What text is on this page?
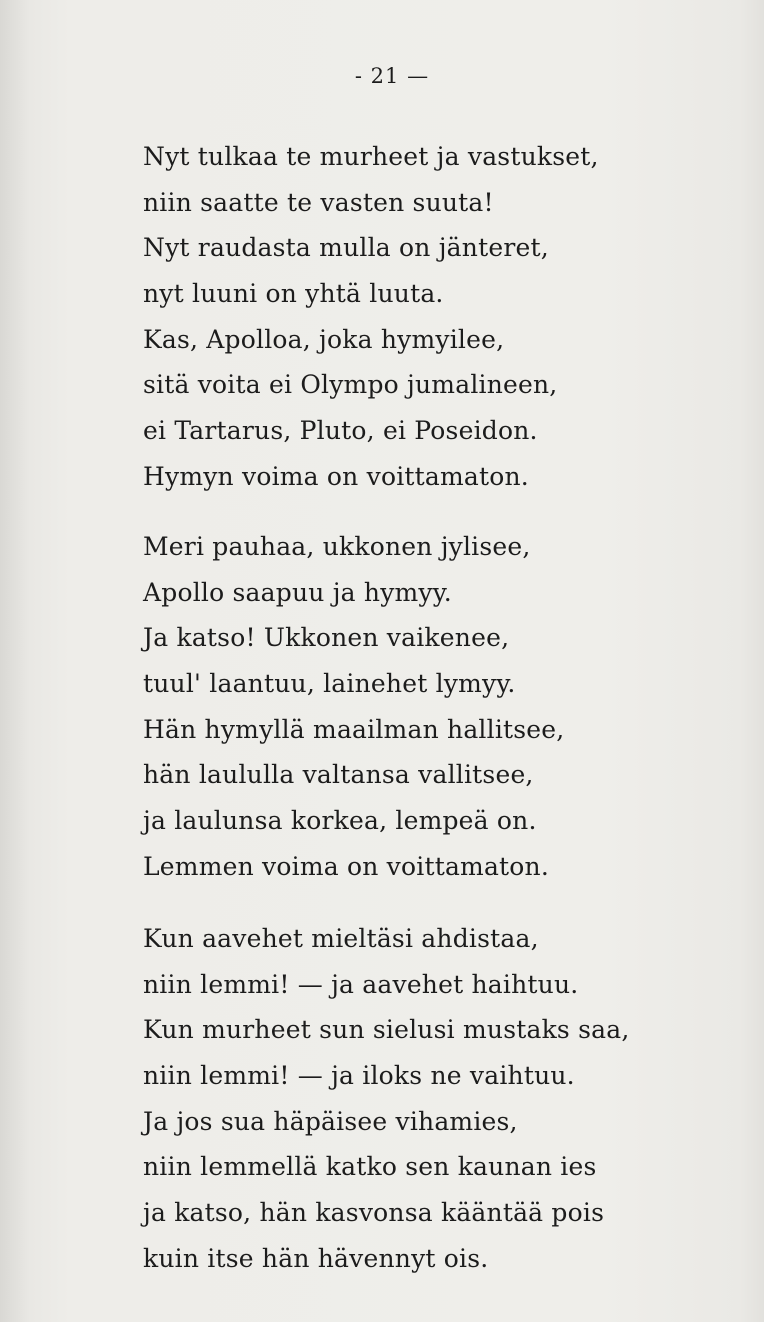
- 21 —
Nyt tulkaa te murheet ja vastukset,
niin saatte te vasten suuta!
Nyt raudasta mulla on jänteret,
nyt luuni on yhtä luuta.
Kas, Apolloa, joka hymyilee,
sitä voita ei Olympo jumalineen,
ei Tartarus, Pluto, ei Poseidon.
Hymyn voima on voittamaton.
Meri pauhaa, ukkonen jylisee,
Apollo saapuu ja hymyy.
Ja katso! Ukkonen vaikenee,
tuul' laantuu, lainehet lymyy.
Hän hymyllä maailman hallitsee,
hän laululla valtansa vallitsee,
ja laulunsa korkea, lempeä on.
Lemmen voima on voittamaton.
Kun aavehet mieltäsi ahdistaa,
niin lemmi! — ja aavehet haihtuu.
Kun murheet sun sielusi mustaks saa,
niin lemmi! — ja iloks ne vaihtuu.
Ja jos sua häpäisee vihamies,
niin lemmellä katko sen kaunan ies
ja katso, hän kasvonsa kääntää pois
kuin itse hän hävennyt ois.
